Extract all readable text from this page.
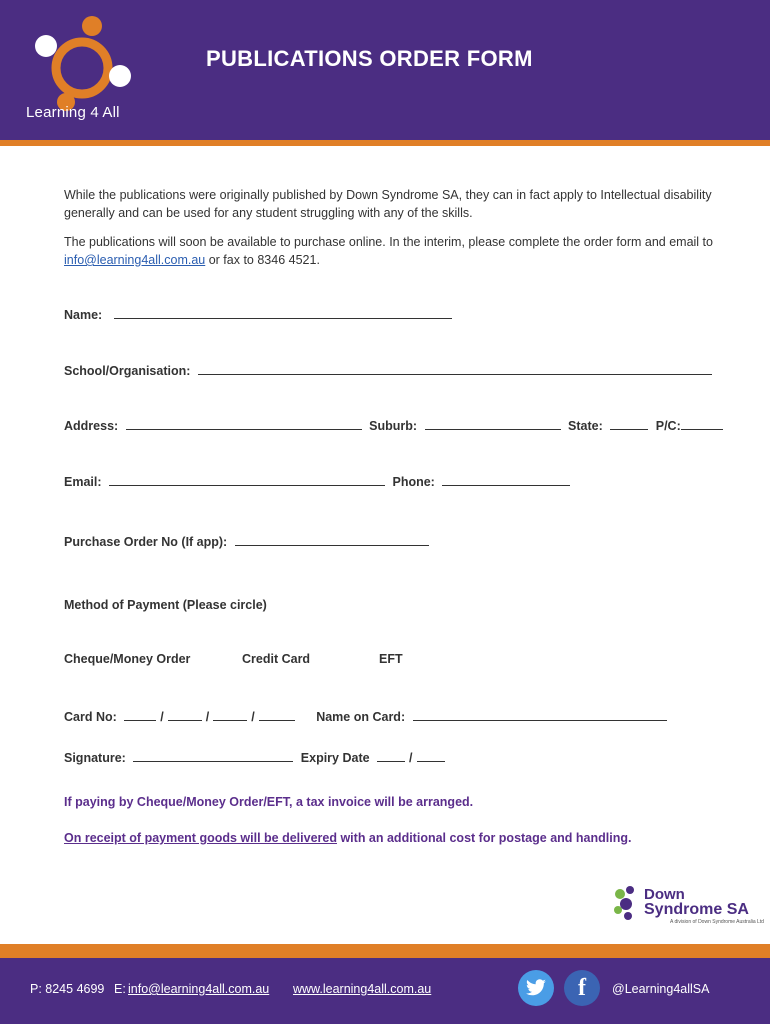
Learning 4 All
PUBLICATIONS ORDER FORM
While the publications were originally published by Down Syndrome SA, they can in fact apply to Intellectual disability generally and can be used for any student struggling with any of the skills.
The publications will soon be available to purchase online. In the interim, please complete the order form and email to info@learning4all.com.au or fax to 8346 4521.
Name:
School/Organisation:
Address:	Suburb:	State:	P/C:
Email:	Phone:
Purchase Order No (If app):
Method of Payment (Please circle)
Cheque/Money Order	Credit Card	EFT
Card No:	/	/	/	Name on Card:
Signature:	Expiry Date	/
If paying by Cheque/Money Order/EFT, a tax invoice will be arranged.
On receipt of payment goods will be delivered with an additional cost for postage and handling.
Down
Syndrome SA
A division of Down Syndrome Australia Ltd
P: 8245 4699 E: info@learning4all.com.au www.learning4all.com.au	f @Learning4allSA
